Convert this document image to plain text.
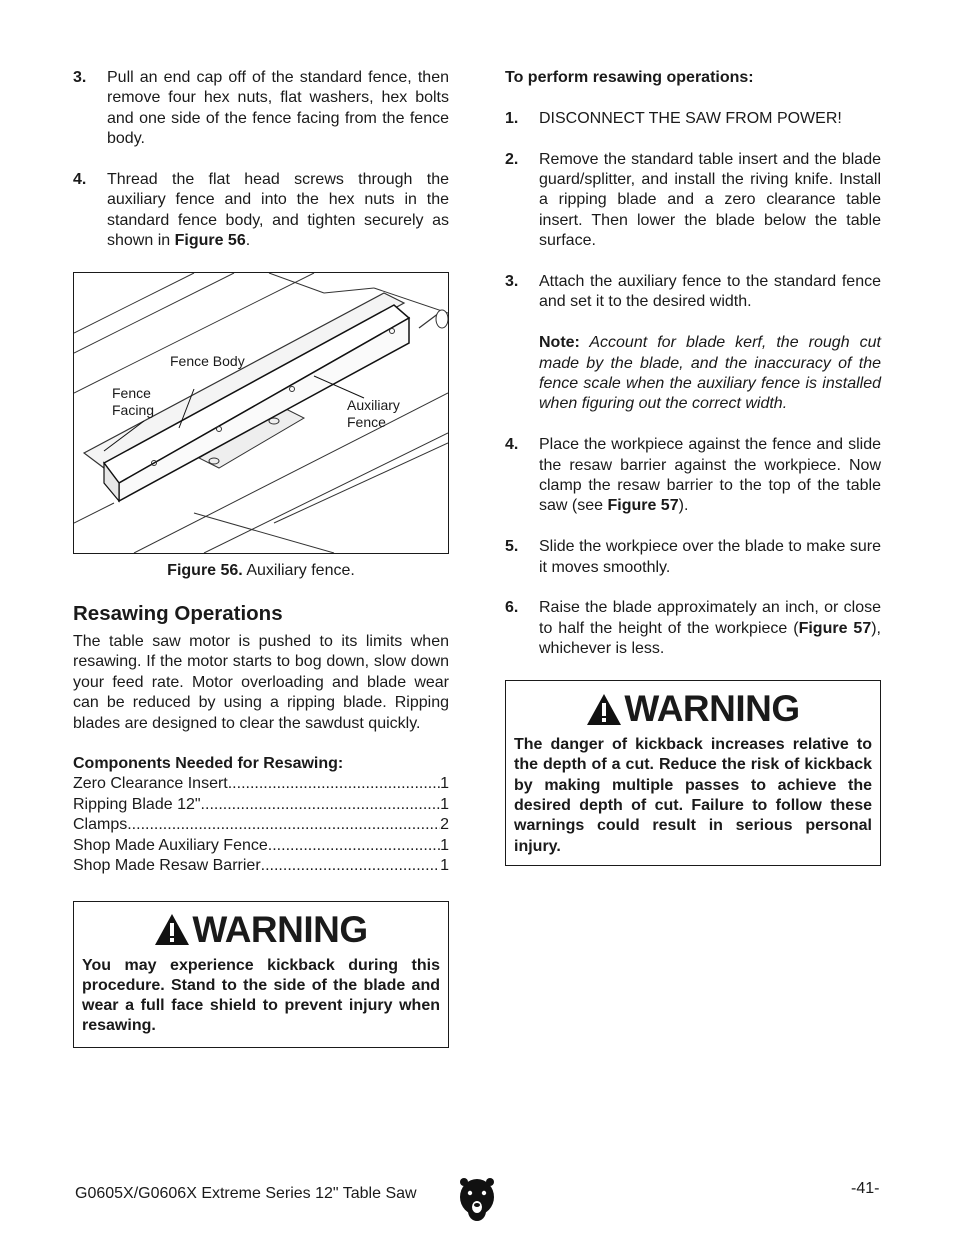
3. Pull an end cap off of the standard fence, then remove four hex nuts, flat washers, hex bolts and one side of the fence facing from the fence body.
4. Thread the flat head screws through the auxiliary fence and into the hex nuts in the standard fence body, and tighten securely as shown in Figure 56.
Fence Body
Fence Facing	Auxiliary Fence
Figure 56. Auxiliary fence.
Resawing Operations

The table saw motor is pushed to its limits when resawing. If the motor starts to bog down, slow down your feed rate. Motor overloading and blade wear can be reduced by using a ripping blade. Ripping blades are designed to clear the sawdust quickly.

Components Needed for Resawing:
Zero Clearance Insert .....	1
Ripping Blade 12" .....	1
Clamps .....	2
Shop Made Auxiliary Fence .....	1
Shop Made Resaw Barrier .....	1
WARNING
You may experience kickback during this procedure. Stand to the side of the blade and wear a full face shield to prevent injury when resawing.
To perform resawing operations:
1. DISCONNECT THE SAW FROM POWER!
2. Remove the standard table insert and the blade guard/splitter, and install the riving knife. Install a ripping blade and a zero clearance table insert. Then lower the blade below the table surface.
3. Attach the auxiliary fence to the standard fence and set it to the desired width.
Note: Account for blade kerf, the rough cut made by the blade, and the inaccuracy of the fence scale when the auxiliary fence is installed when figuring out the correct width.
4. Place the workpiece against the fence and slide the resaw barrier against the workpiece. Now clamp the resaw barrier to the top of the table saw (see Figure 57).
5. Slide the workpiece over the blade to make sure it moves smoothly.
6. Raise the blade approximately an inch, or close to half the height of the workpiece (Figure 57), whichever is less.
WARNING
The danger of kickback increases relative to the depth of a cut. Reduce the risk of kickback by making multiple passes to achieve the desired depth of cut. Failure to follow these warnings could result in serious personal injury.
G0605X/G0606X Extreme Series 12" Table Saw	-41-
